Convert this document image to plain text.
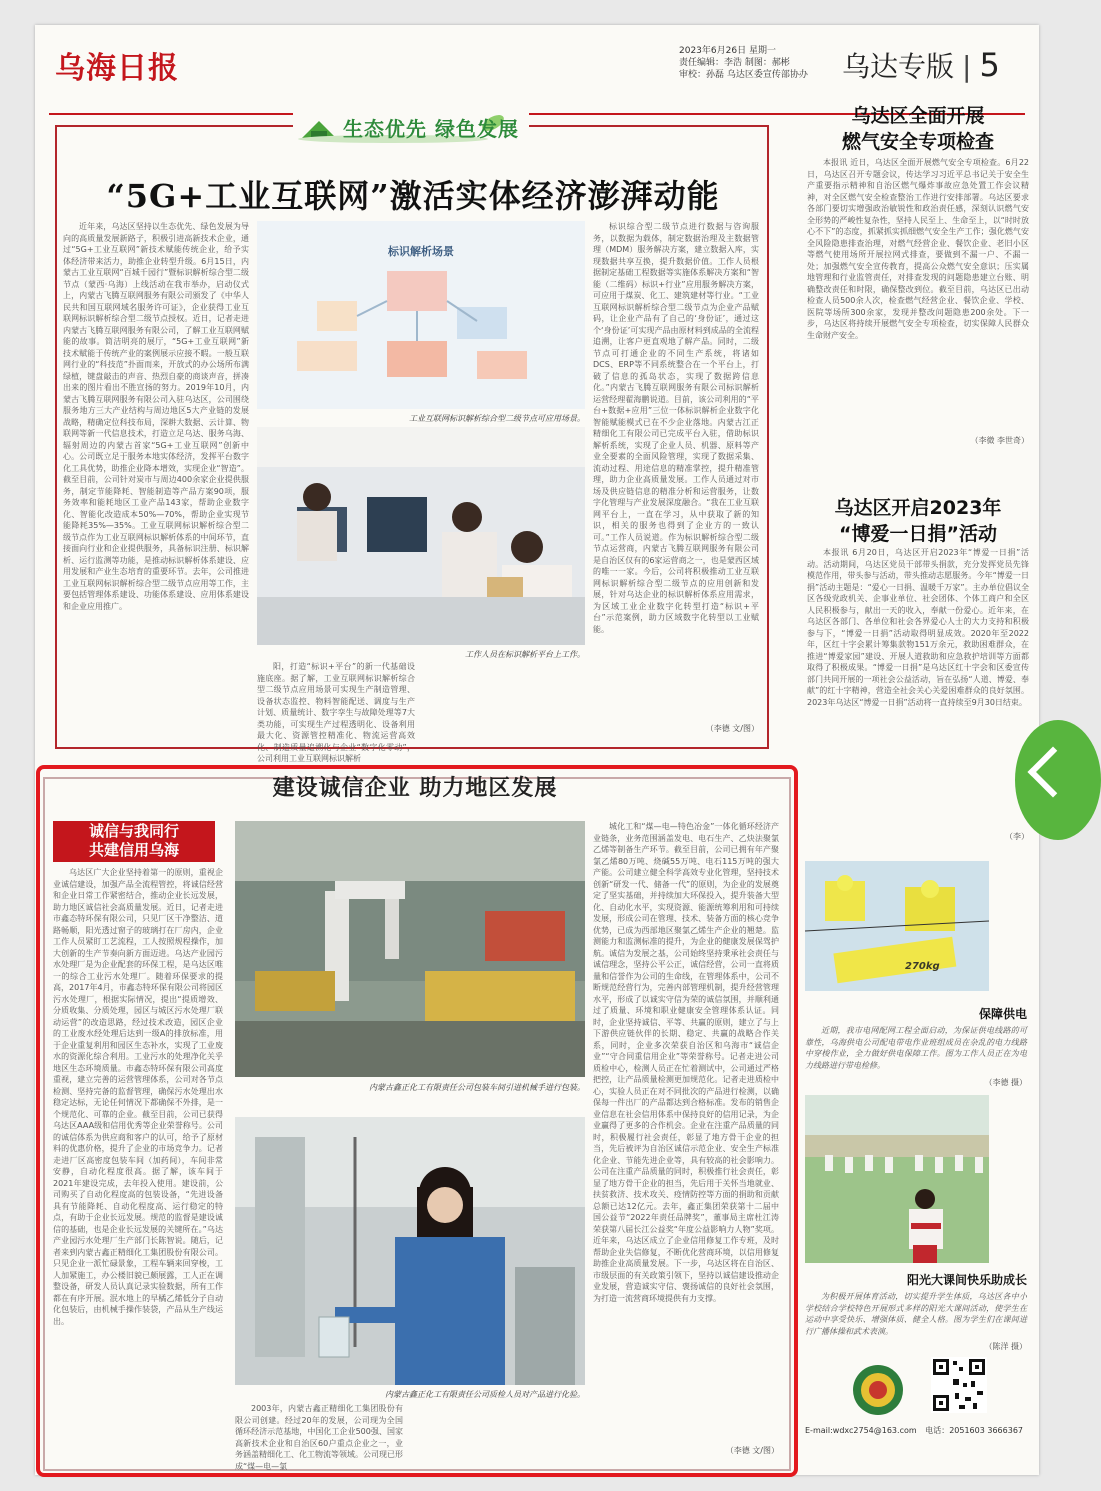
乌海日报	2023年6月26日 星期一
责任编辑：李浩 制图：郝彬
审校：孙磊 乌达区委宣传部协办	乌达专版 | 5
生态优先 绿色发展
“5G+工业互联网”激活实体经济澎湃动能

近年来，乌达区坚持以生态优先、绿色发展为导向的高质量发展新路子，积极引进高新技术企业，通过“5G+工业互联网”新技术赋能传统企业，给予实体经济带来活力，助推企业转型升级。6月15日，内蒙古工业互联网“百城千园行”暨标识解析综合型二级节点（蒙西·乌海）上线活动在我市举办，启动仪式上，内蒙古飞腾互联网服务有限公司颁发了《中华人民共和国互联网域名服务许可证》，企业获得工业互联网标识解析综合型二级节点授权。近日，记者走进内蒙古飞腾互联网服务有限公司，了解工业互联网赋能的故事。简洁明亮的展厅，“5G+工业互联网”新技术赋能于传统产业的案例展示应接不暇。一般互联网行业的“科技范”扑面而来，开放式的办公场所布满绿植，键盘敲击的声音、热烈自豪的商谈声音，拼凑出来的图片看出不胜宣扬的努力。2019年10月，内蒙古飞腾互联网服务有限公司入驻乌达区，公司围绕服务地方三大产业结构与周边地区5大产业链的发展战略，精确定位科技布局，深耕大数据、云计算、物联网等新一代信息技术，打造立足乌达、服务乌海、辐射周边的内蒙古首家“5G+工业互联网”创新中心。公司既立足于服务本地实体经济，发挥平台数字化工具优势，助推企业降本增效，实现企业“智造”。截至目前，公司针对炭市与周边400余家企业提供服务，制定节能降耗、智能制造等产品方案90项，服务效率和能耗地区工业产品143家，帮助企业数字化、智能化改造成本50%—70%，帮助企业实现节能降耗35%—35%。工业互联网标识解析综合型二级节点作为工业互联网标识解析体系的中间环节，直接面向行业和企业提供服务，具备标识注册、标识解析、运行监测等功能，是推动标识解析体系建设、应用发展和产业生态培育的重要环节。去年，公司推进工业互联网标识解析综合型二级节点应用等工作，主要包括管理体系建设、功能体系建设、应用体系建设和企业应用推广。

标识解析场景
工业互联网标识解析综合型二级节点可应用场景。
工作人员在标识解析平台上工作。

阳，打造“标识+平台”的新一代基础设施底座。据了解，工业互联网标识解析综合型二级节点应用场景可实现生产制造管理、设备状态监控、物料智能配送、调度与生产计划、质量统计、数字孪生与故障处理等7大类功能，可实现生产过程透明化、设备利用最大化、资源管控精准化、物流运营高效化、制造质量追溯化与企业“数字化零动”，公司利用工业互联网标识解析

标识综合型二级节点进行数据与咨询服务，以数据为载体，制定数据治理及主数据管理（MDM）服务解决方案，建立数据入库，实现数据共享互换，提升数据价值。工作人员根据制定基础工程数据等实施体系解决方案和“智能（二维码）标识+行业”应用服务解决方案，可应用于煤炭、化工、建筑建材等行业。“工业互联网标识解析综合型二级节点为企业产品赋码，让企业产品有了自己的‘身份证’，通过这个‘身份证’可实现产品由原材料到成品的全流程追溯，让客户更直观地了解产品。同时，二级节点可打通企业的不同生产系统，将诸如DCS、ERP等不同系统整合在一个平台上，打破了信息的孤岛状态，实现了数据跨信息化。”内蒙古飞腾互联网服务有限公司标识解析运营经理翟海鹏说道。目前，该公司利用的“平台+数据+应用”三位一体标识解析企业数字化智能赋能模式已在不少企业落地。内蒙古江正精细化工有限公司已完成平台入驻，借助标识解析系统，实现了企业人员、机器、原料等产业全要素的全面风险管理，实现了数据采集、流动过程、用途信息的精准掌控，提升精准管理，助力企业高质量发展。工作人员通过对市场及供应链信息的精准分析和运营服务，让数字化管理与产业发展深度融合。“我在工业互联网平台上，一直在学习，从中获取了新的知识，相关的服务也得到了企业方的一致认可。”工作人员说道。作为标识解析综合型二级节点运营商，内蒙古飞腾互联网服务有限公司是自治区仅有的6家运营商之一，也是蒙西区域的唯一一家。今后，公司将积极推动工业互联网标识解析综合型二级节点的应用创新和发展，针对乌达企业的标识解析体系应用需求，为区域工业企业数字化转型打造“标识+平台”示范案例，助力区域数字化转型以工业赋能。

（李德 文/图）
建设诚信企业 助力地区发展
诚信与我同行
共建信用乌海

乌达区广大企业坚持着第一的原则，重视企业诚信建设，加强产品全流程管控，将诚信经营和企业日常工作紧密结合，推动企业长远发展，助力地区诚信社会高质量发展。近日，记者走进市鑫态特环保有限公司，只见厂区干净整洁、道路畅顺，阳光透过窗子的玻璃打在厂房内，企业工作人员紧盯工艺流程，工人按照规程操作，加大创新的生产节奏向新方面迈进。乌达产业园污水处理厂是为企业配套的环保工程，是乌达区唯一的综合工业污水处理厂。随着环保要求的提高，2017年4月，市鑫态特环保有限公司将园区污水处理厂，根据实际情况，提出“提质增效、分质收集、分质处理，园区与城区污水处理厂联动运营”的改造思路，经过技术改造，园区企业的工业废水经处理后达到一级A的排放标准，用于企业重复利用和园区生态补水，实现了工业废水的资源化综合利用。工业污水的处理净化关乎地区生态环境质量。市鑫态特环保有限公司高度重视，建立完善的运营管理体系，公司对各节点检测、坚持完备的监督管理，确保污水处理出水稳定达标，无论任何情况下都确保不外排，是一个规范化、可靠的企业。截至目前，公司已获得乌达区AAA级和信用优秀等企业荣誉称号。公司的诚信体系为供应商和客户的认可，给予了原材料的优惠价格，提升了企业的市场竞争力。记者走进厂区高密度包装车间（加药间），车间非常安静，自动化程度很高。据了解，该车间于2021年建设完成，去年投入使用。建设前，公司购买了自动化程度高的包装设备，“先进设备具有节能降耗、自动化程度高、运行稳定的特点，有助于企业长远发展。规范的监督是建设诚信的基础，也是企业长远发展的关键所在。”乌达产业园污水处理厂生产部门长陈智说。随后，记者来到内蒙古鑫正精细化工集团股份有限公司。只见企业一派忙碌景象，工程车辆来回穿梭，工人加紧施工，办公楼旧貌已颇展露，工人正在调整设备，研发人员认真记录实验数据，所有工作都在有序开展。泯水地上的早橘乙烯低分子自动化包装后，由机械手操作装袋，产品从生产线运出。

内蒙古鑫正化工有限责任公司包装车间引进机械手进行包装。
内蒙古鑫正化工有限责任公司质检人员对产品进行化验。

2003年，内蒙古鑫正精细化工集团股份有限公司创建。经过20年的发展，公司现为全国循环经济示范基地，中国化工企业500强、国家高新技术企业和自治区60户重点企业之一，业务涵盖精细化工、化工物流等领域。公司现已形成“煤—电—氯

城化工和“煤—电—特色冶金”一体化循环经济产业链条，业务范围涵盖发电、电石生产、乙炔法聚氯乙烯等制备生产环节。截至目前，公司已拥有年产聚氯乙烯80万吨、烧碱55万吨、电石115万吨的强大产能。公司建立健全科学高效专业化管理，坚持技术创新“研发一代、储备一代”的原则，为企业的发展奠定了坚实基础，并持续加大环保投入，提升装备大型化、自动化水平，实现资源、能源统筹利用和可持续发展，形成公司在管理、技术、装备方面的核心竞争优势，已成为西部地区聚氯乙烯生产企业的翘楚。监测能力和监测标准的提升，为企业的健康发展保驾护航。诚信为发展之基，公司始终坚持秉承社会责任与诚信理念，坚持公平公正，诚信经营，公司一直将质量和信誉作为公司的生命线，在管理体系中，公司不断规范经营行为，完善内部管理机制，提升经营管理水平，形成了以诚实守信为荣的诚信氛围，并顺利通过了质量、环境和职业健康安全管理体系认证。同时，企业坚持诚信、平等、共赢的原则，建立了与上下游供应链伙伴的长期、稳定、共赢的战略合作关系，同时，企业多次荣获自治区和乌海市“诚信企业”“守合同重信用企业”等荣誉称号。记者走进公司质检中心，检测人员正在忙着测试中，公司通过严格把控，让产品质量检测更加规范化。记者走进质检中心，实验人员正在对不同批次的产品进行检测，以确保每一件出厂的产品都达到合格标准。发布的销售企业信息在社会信用体系中保持良好的信用记录，为企业赢得了更多的合作机会。企业在注重产品质量的同时，积极履行社会责任，彰显了地方骨干企业的担当，先后被评为自治区诚信示范企业、安全生产标准化企业、节能先进企业等，具有较高的社会影响力。公司在注重产品质量的同时，积极推行社会责任，彰显了地方骨干企业的担当，先后用于关怀当地就业、扶贫救济、技术攻关、疫情防控等方面的捐助和贡献总额已达12亿元。去年，鑫正集团荣获第十二届中国公益节“2022年责任品牌奖”，董事局主席杜江涛荣获第八届长江公益奖“年度公益影响力人物”奖项。近年来，乌达区成立了企业信用修复工作专班，及时帮助企业失信修复，不断优化营商环境，以信用修复助推企业高质量发展。下一步，乌达区将在自治区、市级层面的有关政策引领下，坚持以诚信建设推动企业发展，营造诚实守信、褒扬诚信的良好社会氛围，为打造一流营商环境提供有力支撑。

（李德 文/图）
乌达区全面开展
燃气安全专项检查

本报讯 近日，乌达区全面开展燃气安全专项检查。6月22日，乌达区召开专题会议，传达学习习近平总书记关于安全生产重要指示精神和自治区燃气爆炸事故应急处置工作会议精神，对全区燃气安全检查整治工作进行安排部署。乌达区要求各部门要切实增强政治敏锐性和政治责任感，深刻认识燃气安全形势的严峻性复杂性，坚持人民至上、生命至上，以“时时放心不下”的态度，抓紧抓实抓细燃气安全生产工作；强化燃气安全风险隐患排查治理，对燃气经营企业、餐饮企业、老旧小区等燃气使用场所开展拉网式排查，要做到不漏一户、不漏一处；加强燃气安全宣传教育，提高公众燃气安全意识；压实属地管理和行业监管责任，对排查发现的问题隐患建立台账、明确整改责任和时限，确保整改到位。截至目前，乌达区已出动检查人员500余人次，检查燃气经营企业、餐饮企业、学校、医院等场所300余家，发现并整改问题隐患200余处。下一步，乌达区将持续开展燃气安全专项检查，切实保障人民群众生命财产安全。

（李微 李世奇）
乌达区开启2023年
“博爱一日捐”活动

本报讯 6月20日，乌达区开启2023年“博爱一日捐”活动。活动期间，乌达区党员干部带头捐款，充分发挥党员先锋模范作用，带头参与活动，带头推动志愿服务。今年“博爱一日捐”活动主题是：“爱心一日捐、温暖千万家”。主办单位倡议全区各级党政机关、企事业单位、社会团体、个体工商户和全区人民积极参与，献出一天的收入，奉献一份爱心。近年来，在乌达区各部门、各单位和社会各界爱心人士的大力支持和积极参与下，“博爱一日捐”活动取得明显成效。2020年至2022年，区红十字会累计筹集款物151万余元，救助困难群众，在推进“博爱家园”建设、开展人道救助和应急救护培训等方面都取得了积极成果。“博爱一日捐”是乌达区红十字会和区委宣传部门共同开展的一项社会公益活动，旨在弘扬“人道、博爱、奉献”的红十字精神，营造全社会关心关爱困难群众的良好氛围。2023年乌达区“博爱一日捐”活动将一直持续至9月30日结束。

（李）
270kg
保障供电

近期，我市电网配网工程全面启动，为保证供电线路的可靠性，乌海供电公司配电带电作业班组成员在杂乱的电力线路中穿梭作业，全力做好供电保障工作。图为工作人员正在为电力线路进行带电检修。

（李德 摄）
阳光大课间快乐助成长

为积极开展体育活动，切实提升学生体质，乌达区各中小学校结合学校特色开展形式多样的阳光大课间活动，使学生在运动中享受快乐、增强体质、健全人格。图为学生们在课间进行广播体操和武术表演。

（陈洋 摄）
E-mail:wdxc2754@163.com 电话：2051603 3666367
